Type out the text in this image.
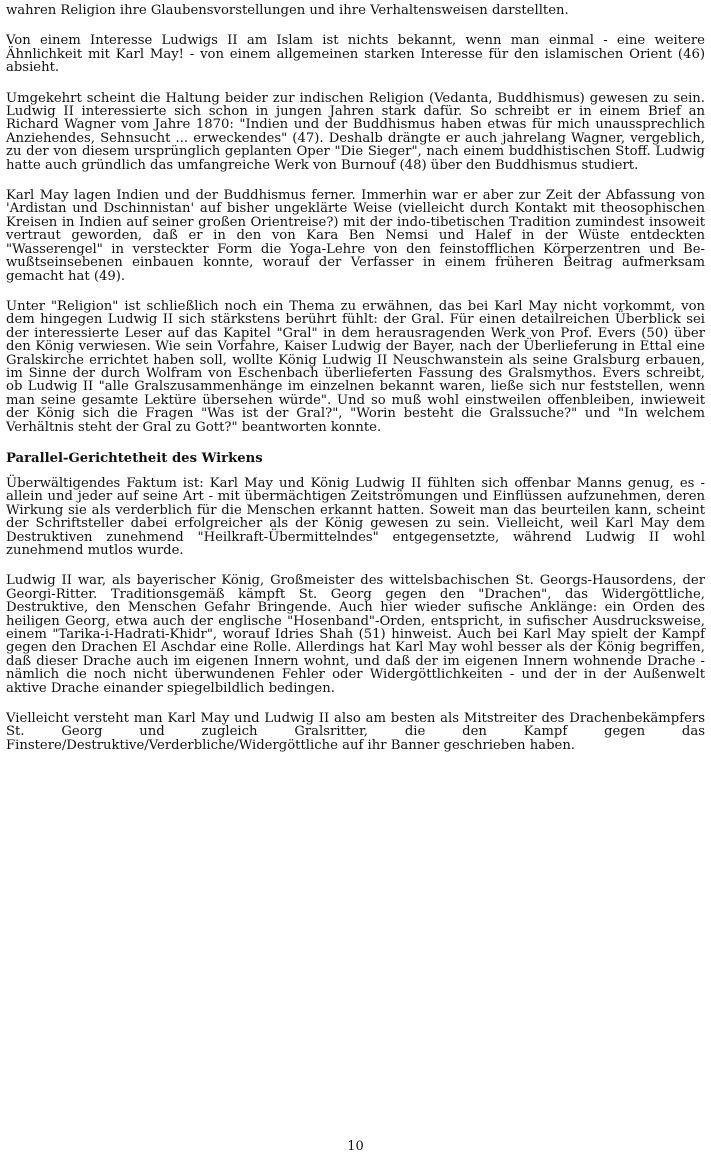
wahren Religion ihre Glaubensvorstellungen und ihre Verhaltensweisen darstellten.

Von einem Interesse Ludwigs II am Islam ist nichts bekannt, wenn man einmal - eine weitere Ähnlichkeit mit Karl May! - von einem allgemeinen starken Interesse für den islamischen Orient (46) absieht.

Umgekehrt scheint die Haltung beider zur indischen Religion (Vedanta, Buddhismus) gewesen zu sein. Ludwig II interessierte sich schon in jungen Jahren stark dafür. So schreibt er in einem Brief an Richard Wagner vom Jahre 1870: "Indien und der Buddhismus haben etwas für mich unaussprechlich Anziehendes, Sehnsucht ... erweckendes" (47). Deshalb drängte er auch jahrelang Wagner, vergeblich, zu der von diesem ursprünglich geplanten Oper "Die Sieger", nach einem buddhistischen Stoff. Ludwig hatte auch gründlich das umfangreiche Werk von Burnouf (48) über den Buddhismus studiert.

Karl May lagen Indien und der Buddhismus ferner. Immerhin war er aber zur Zeit der Abfassung von 'Ardistan und Dschinnistan' auf bisher ungeklärte Weise (vielleicht durch Kontakt mit theosophischen Kreisen in Indien auf seiner großen Orientreise?) mit der indo-tibetischen Tradition zumindest insoweit vertraut geworden, daß er in den von Kara Ben Nemsi und Halef in der Wüste entdeckten "Wasserengel" in versteckter Form die Yoga-Lehre von den feinstofflichen Körperzentren und Bewußtseinsebenen einbauen konnte, worauf der Verfasser in einem früheren Beitrag aufmerksam gemacht hat (49).

Unter "Religion" ist schließlich noch ein Thema zu erwähnen, das bei Karl May nicht vorkommt, von dem hingegen Ludwig II sich stärkstens berührt fühlt: der Gral. Für einen detailreichen Überblick sei der interessierte Leser auf das Kapitel "Gral" in dem herausragenden Werk von Prof. Evers (50) über den König verwiesen. Wie sein Vorfahre, Kaiser Ludwig der Bayer, nach der Überlieferung in Ettal eine Gralskirche errichtet haben soll, wollte König Ludwig II Neuschwanstein als seine Gralsburg erbauen, im Sinne der durch Wolfram von Eschenbach überlieferten Fassung des Gralsmythos. Evers schreibt, ob Ludwig II "alle Gralszusammenhänge im einzelnen bekannt waren, ließe sich nur feststellen, wenn man seine gesamte Lektüre übersehen würde". Und so muß wohl einstweilen offenbleiben, inwieweit der König sich die Fragen "Was ist der Gral?", "Worin besteht die Gralssuche?" und "In welchem Verhältnis steht der Gral zu Gott?" beantworten konnte.

Parallel-Gerichtetheit des Wirkens

Überwältigendes Faktum ist: Karl May und König Ludwig II fühlten sich offenbar Manns genug, es - allein und jeder auf seine Art - mit übermächtigen Zeitströmungen und Einflüssen aufzunehmen, deren Wirkung sie als verderblich für die Menschen erkannt hatten. Soweit man das beurteilen kann, scheint der Schriftsteller dabei erfolgreicher als der König gewesen zu sein. Vielleicht, weil Karl May dem Destruktiven zunehmend "Heilkraft-Übermittelndes" entgegensetzte, während Ludwig II wohl zunehmend mutlos wurde.

Ludwig II war, als bayerischer König, Großmeister des wittelsbachischen St. Georgs-Hausordens, der Georgi-Ritter. Traditionsgemäß kämpft St. Georg gegen den "Drachen", das Widergöttliche, Destruktive, den Menschen Gefahr Bringende. Auch hier wieder sufische Anklänge: ein Orden des heiligen Georg, etwa auch der englische "Hosenband"-Orden, entspricht, in sufischer Ausdrucksweise, einem "Tarika-i-Hadrati-Khidr", worauf Idries Shah (51) hinweist. Auch bei Karl May spielt der Kampf gegen den Drachen El Aschdar eine Rolle. Allerdings hat Karl May wohl besser als der König begriffen, daß dieser Drache auch im eigenen Innern wohnt, und daß der im eigenen Innern wohnende Drache - nämlich die noch nicht überwundenen Fehler oder Widergöttlichkeiten - und der in der Außenwelt aktive Drache einander spiegelbildlich bedingen.

Vielleicht versteht man Karl May und Ludwig II also am besten als Mitstreiter des Drachenbekämpfers St. Georg und zugleich Gralsritter, die den Kampf gegen das Finstere/Destruktive/Verderbliche/Widergöttliche auf ihr Banner geschrieben haben.

10
